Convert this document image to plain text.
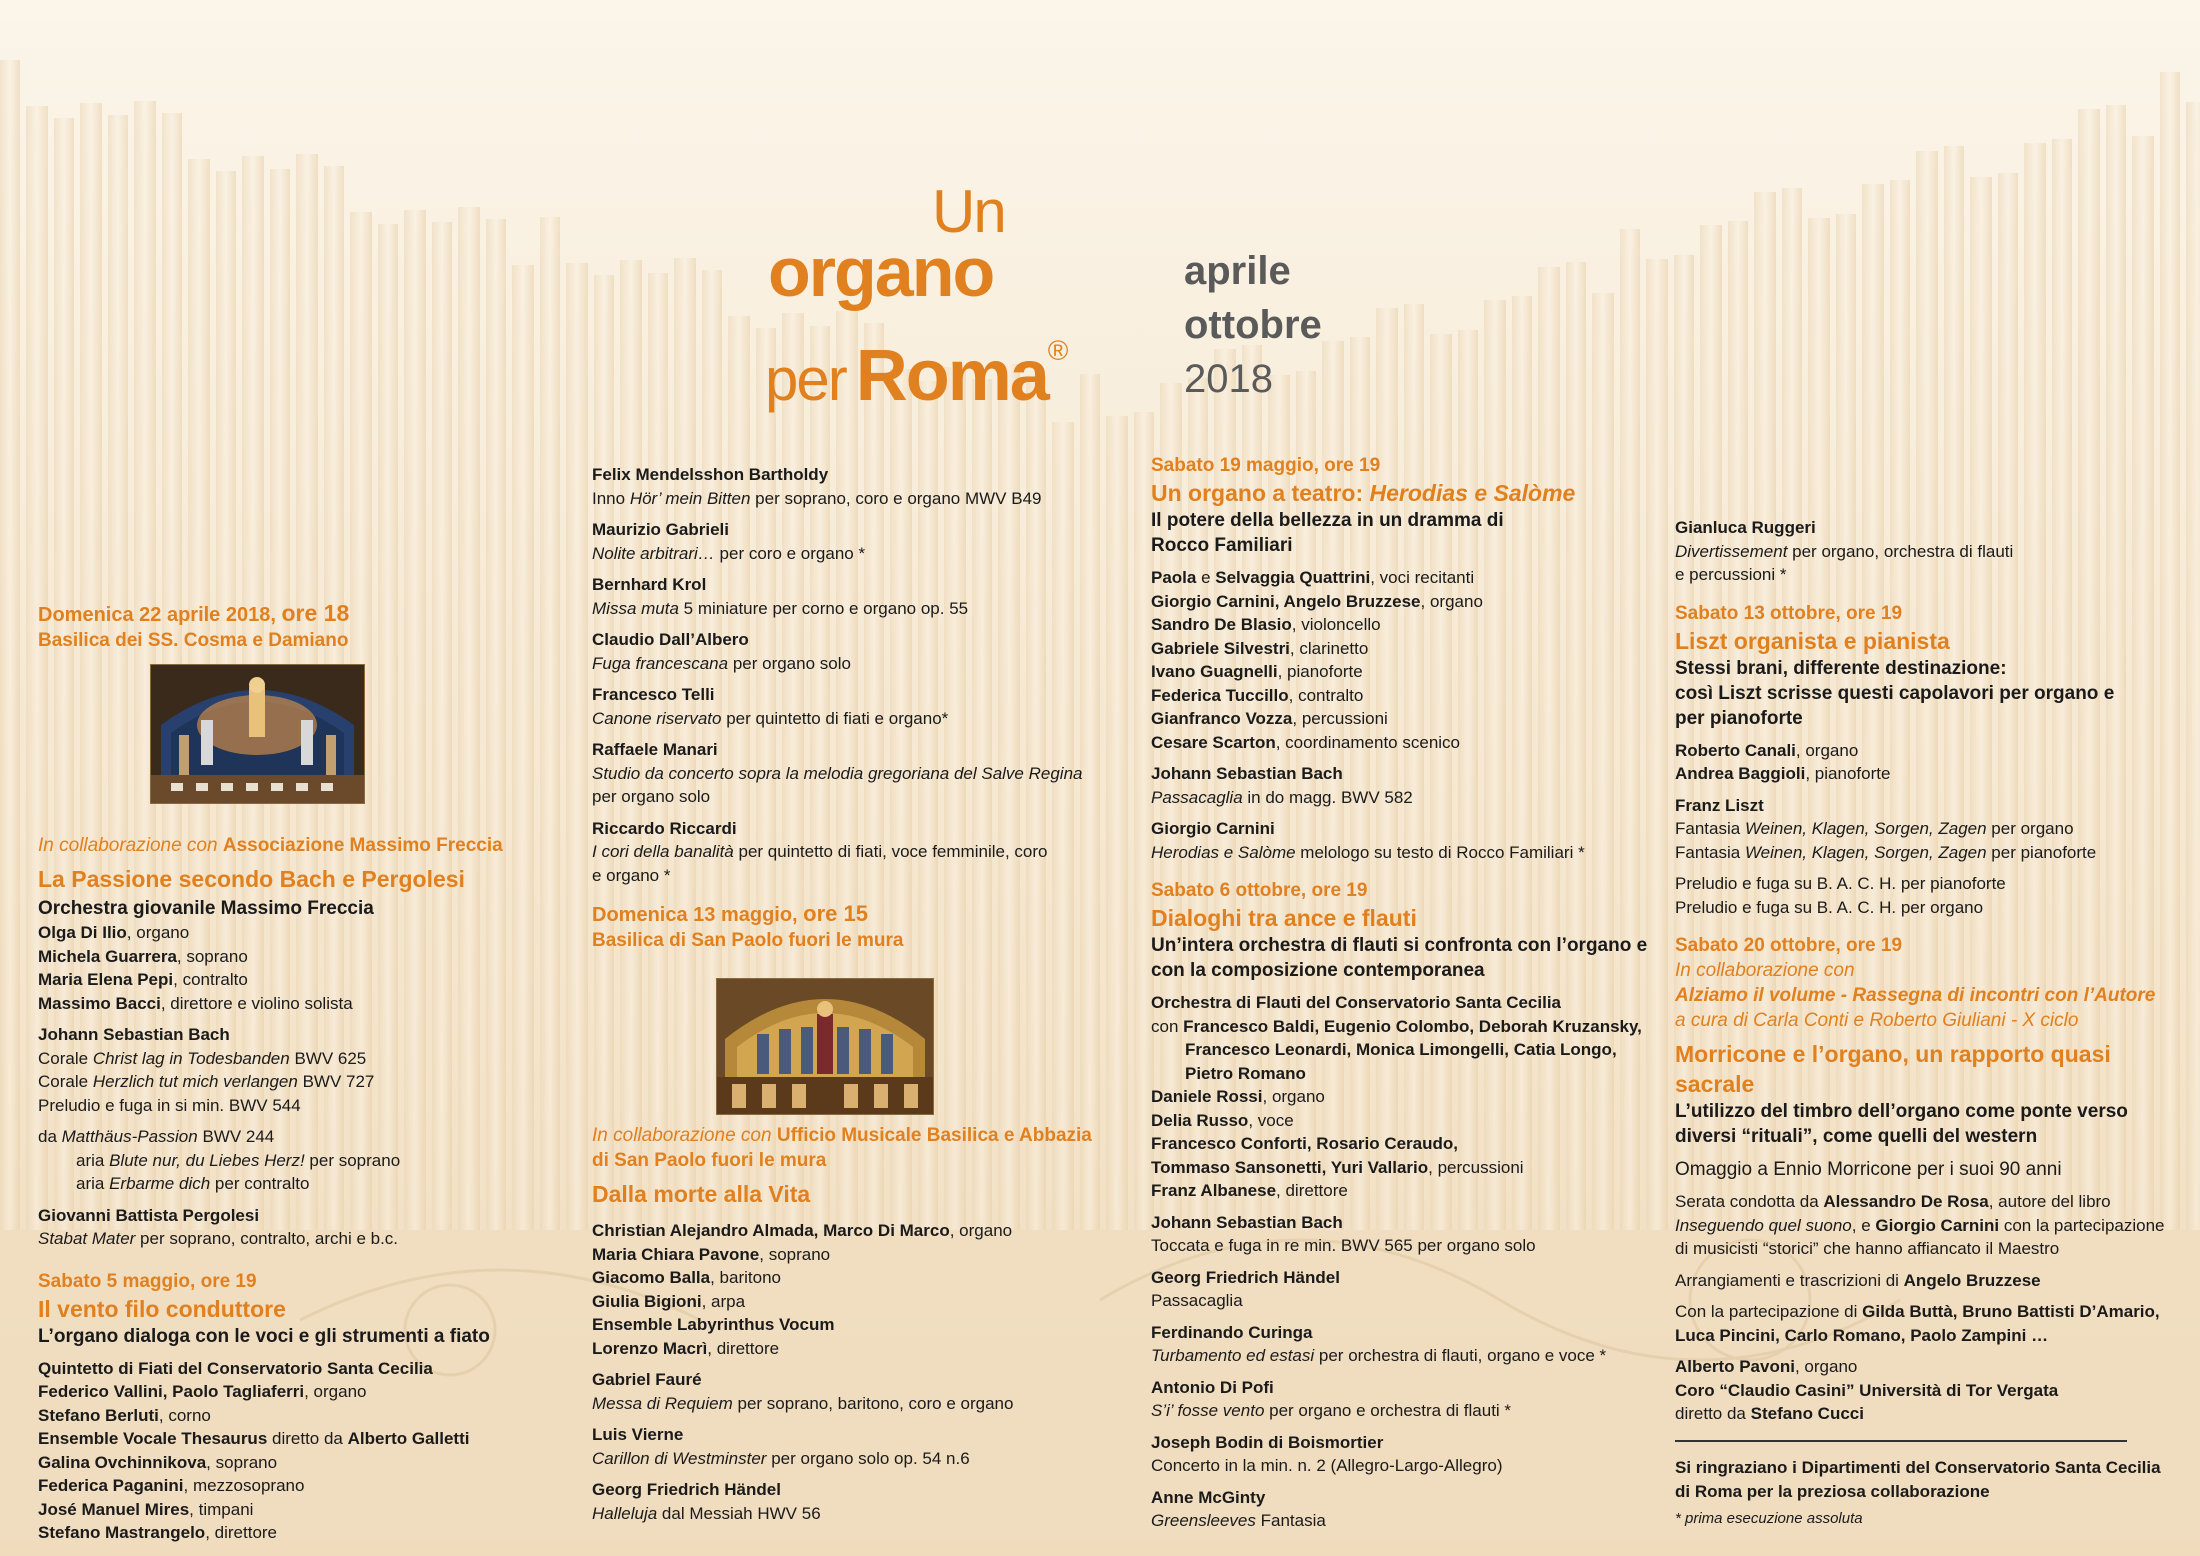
Un
organo
per Roma®
aprile
ottobre
2018

Domenica 22 aprile 2018, ore 18

Basilica dei SS. Cosma e Damiano

In collaborazione con Associazione Massimo Freccia

La Passione secondo Bach e Pergolesi

Orchestra giovanile Massimo Freccia

Olga Di Ilio, organo

Michela Guarrera, soprano

Maria Elena Pepi, contralto

Massimo Bacci, direttore e violino solista

Johann Sebastian Bach

Corale Christ lag in Todesbanden BWV 625

Corale Herzlich tut mich verlangen BWV 727

Preludio e fuga in si min. BWV 544

da Matthäus-Passion BWV 244

aria Blute nur, du Liebes Herz! per soprano

aria Erbarme dich per contralto

Giovanni Battista Pergolesi

Stabat Mater per soprano, contralto, archi e b.c.

Sabato 5 maggio, ore 19

Il vento filo conduttore

L’organo dialoga con le voci e gli strumenti a fiato

Quintetto di Fiati del Conservatorio Santa Cecilia

Federico Vallini, Paolo Tagliaferri, organo

Stefano Berluti, corno

Ensemble Vocale Thesaurus diretto da Alberto Galletti

Galina Ovchinnikova, soprano

Federica Paganini, mezzosoprano

José Manuel Mires, timpani

Stefano Mastrangelo, direttore

Felix Mendelsshon Bartholdy

Inno Hör’ mein Bitten per soprano, coro e organo MWV B49

Maurizio Gabrieli

Nolite arbitrari… per coro e organo *

Bernhard Krol

Missa muta 5 miniature per corno e organo op. 55

Claudio Dall’Albero

Fuga francescana per organo solo

Francesco Telli

Canone riservato per quintetto di fiati e organo*

Raffaele Manari

Studio da concerto sopra la melodia gregoriana del Salve Regina

per organo solo

Riccardo Riccardi

I cori della banalità per quintetto di fiati, voce femminile, coro

e organo *

Domenica 13 maggio, ore 15

Basilica di San Paolo fuori le mura

In collaborazione con Ufficio Musicale Basilica e Abbazia

di San Paolo fuori le mura

Dalla morte alla Vita

Christian Alejandro Almada, Marco Di Marco, organo

Maria Chiara Pavone, soprano

Giacomo Balla, baritono

Giulia Bigioni, arpa

Ensemble Labyrinthus Vocum

Lorenzo Macrì, direttore

Gabriel Fauré

Messa di Requiem per soprano, baritono, coro e organo

Luis Vierne

Carillon di Westminster per organo solo op. 54 n.6

Georg Friedrich Händel

Halleluja dal Messiah HWV 56

Sabato 19 maggio, ore 19

Un organo a teatro: Herodias e Salòme

Il potere della bellezza in un dramma di

Rocco Familiari

Paola e Selvaggia Quattrini, voci recitanti

Giorgio Carnini, Angelo Bruzzese, organo

Sandro De Blasio, violoncello

Gabriele Silvestri, clarinetto

Ivano Guagnelli, pianoforte

Federica Tuccillo, contralto

Gianfranco Vozza, percussioni

Cesare Scarton, coordinamento scenico

Johann Sebastian Bach

Passacaglia in do magg. BWV 582

Giorgio Carnini

Herodias e Salòme melologo su testo di Rocco Familiari *

Sabato 6 ottobre, ore 19

Dialoghi tra ance e flauti

Un’intera orchestra di flauti si confronta con l’organo e

con la composizione contemporanea

Orchestra di Flauti del Conservatorio Santa Cecilia

con Francesco Baldi, Eugenio Colombo, Deborah Kruzansky,

Francesco Leonardi, Monica Limongelli, Catia Longo,

Pietro Romano

Daniele Rossi, organo

Delia Russo, voce

Francesco Conforti, Rosario Ceraudo,

Tommaso Sansonetti, Yuri Vallario, percussioni

Franz Albanese, direttore

Johann Sebastian Bach

Toccata e fuga in re min. BWV 565 per organo solo

Georg Friedrich Händel

Passacaglia

Ferdinando Curinga

Turbamento ed estasi per orchestra di flauti, organo e voce *

Antonio Di Pofi

S’i’ fosse vento per organo e orchestra di flauti *

Joseph Bodin di Boismortier

Concerto in la min. n. 2 (Allegro-Largo-Allegro)

Anne McGinty

Greensleeves Fantasia

Gianluca Ruggeri

Divertissement per organo, orchestra di flauti

e percussioni *

Sabato 13 ottobre, ore 19

Liszt organista e pianista

Stessi brani, differente destinazione:

così Liszt scrisse questi capolavori per organo e

per pianoforte

Roberto Canali, organo

Andrea Baggioli, pianoforte

Franz Liszt

Fantasia Weinen, Klagen, Sorgen, Zagen per organo

Fantasia Weinen, Klagen, Sorgen, Zagen per pianoforte

Preludio e fuga su B. A. C. H. per pianoforte

Preludio e fuga su B. A. C. H. per organo

Sabato 20 ottobre, ore 19

In collaborazione con

Alziamo il volume - Rassegna di incontri con l’Autore

a cura di Carla Conti e Roberto Giuliani - X ciclo

Morricone e l’organo, un rapporto quasi sacrale

L’utilizzo del timbro dell’organo come ponte verso

diversi “rituali”, come quelli del western

Omaggio a Ennio Morricone per i suoi 90 anni

Serata condotta da Alessandro De Rosa, autore del libro

Inseguendo quel suono, e Giorgio Carnini con la partecipazione

di musicisti “storici” che hanno affiancato il Maestro

Arrangiamenti e trascrizioni di Angelo Bruzzese

Con la partecipazione di Gilda Buttà, Bruno Battisti D’Amario,

Luca Pincini, Carlo Romano, Paolo Zampini …

Alberto Pavoni, organo

Coro “Claudio Casini” Università di Tor Vergata

diretto da Stefano Cucci

Si ringraziano i Dipartimenti del Conservatorio Santa Cecilia

di Roma per la preziosa collaborazione

* prima esecuzione assoluta
